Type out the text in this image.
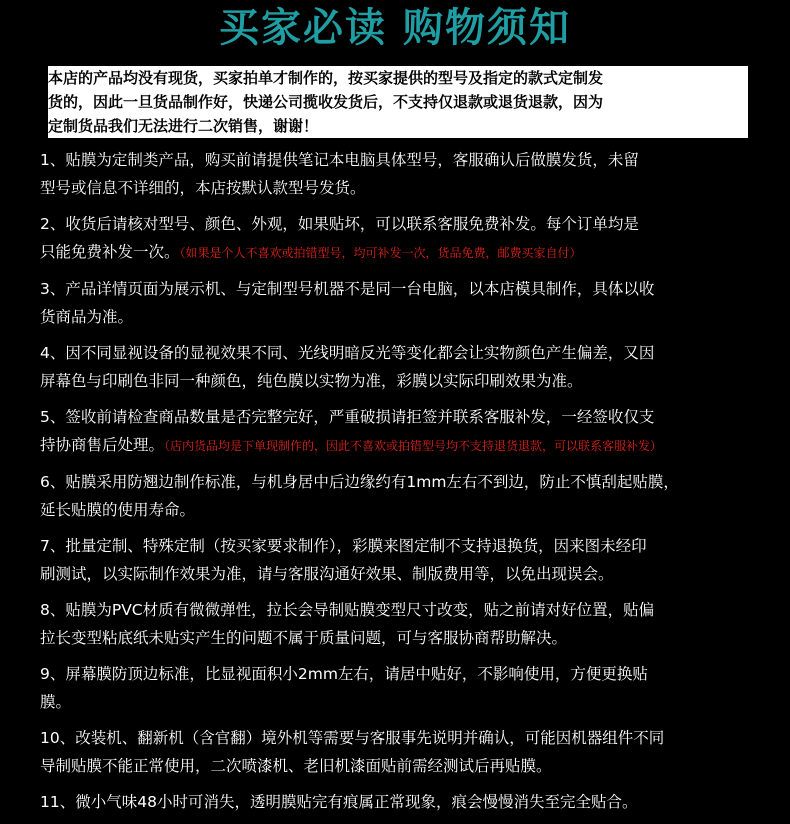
买家必读 购物须知
本店的产品均没有现货，买家拍单才制作的，按买家提供的型号及指定的款式定制发
货的，因此一旦货品制作好，快递公司揽收发货后，不支持仅退款或退货退款，因为
定制货品我们无法进行二次销售，谢谢！
1、贴膜为定制类产品，购买前请提供笔记本电脑具体型号，客服确认后做膜发货，未留
型号或信息不详细的，本店按默认款型号发货。
2、收货后请核对型号、颜色、外观，如果贴坏，可以联系客服免费补发。每个订单均是
只能免费补发一次。（如果是个人不喜欢或拍错型号，均可补发一次，货品免费，邮费买家自付）
3、产品详情页面为展示机、与定制型号机器不是同一台电脑，以本店模具制作，具体以收
货商品为准。
4、因不同显视设备的显视效果不同、光线明暗反光等变化都会让实物颜色产生偏差，又因
屏幕色与印刷色非同一种颜色，纯色膜以实物为准，彩膜以实际印刷效果为准。
5、签收前请检查商品数量是否完整完好，严重破损请拒签并联系客服补发，一经签收仅支
持协商售后处理。（店内货品均是下单现制作的，因此不喜欢或拍错型号均不支持退货退款，可以联系客服补发）
6、贴膜采用防翘边制作标准，与机身居中后边缘约有1mm左右不到边，防止不慎刮起贴膜，
延长贴膜的使用寿命。
7、批量定制、特殊定制（按买家要求制作），彩膜来图定制不支持退换货，因来图未经印
刷测试，以实际制作效果为准，请与客服沟通好效果、制版费用等，以免出现误会。
8、贴膜为PVC材质有微微弹性，拉长会导制贴膜变型尺寸改变，贴之前请对好位置，贴偏
拉长变型粘底纸未贴实产生的问题不属于质量问题，可与客服协商帮助解决。
9、屏幕膜防顶边标准，比显视面积小2mm左右，请居中贴好，不影响使用，方便更换贴
膜。
10、改装机、翻新机（含官翻）境外机等需要与客服事先说明并确认，可能因机器组件不同
导制贴膜不能正常使用，二次喷漆机、老旧机漆面贴前需经测试后再贴膜。
11、微小气味48小时可消失，透明膜贴完有痕属正常现象，痕会慢慢消失至完全贴合。
